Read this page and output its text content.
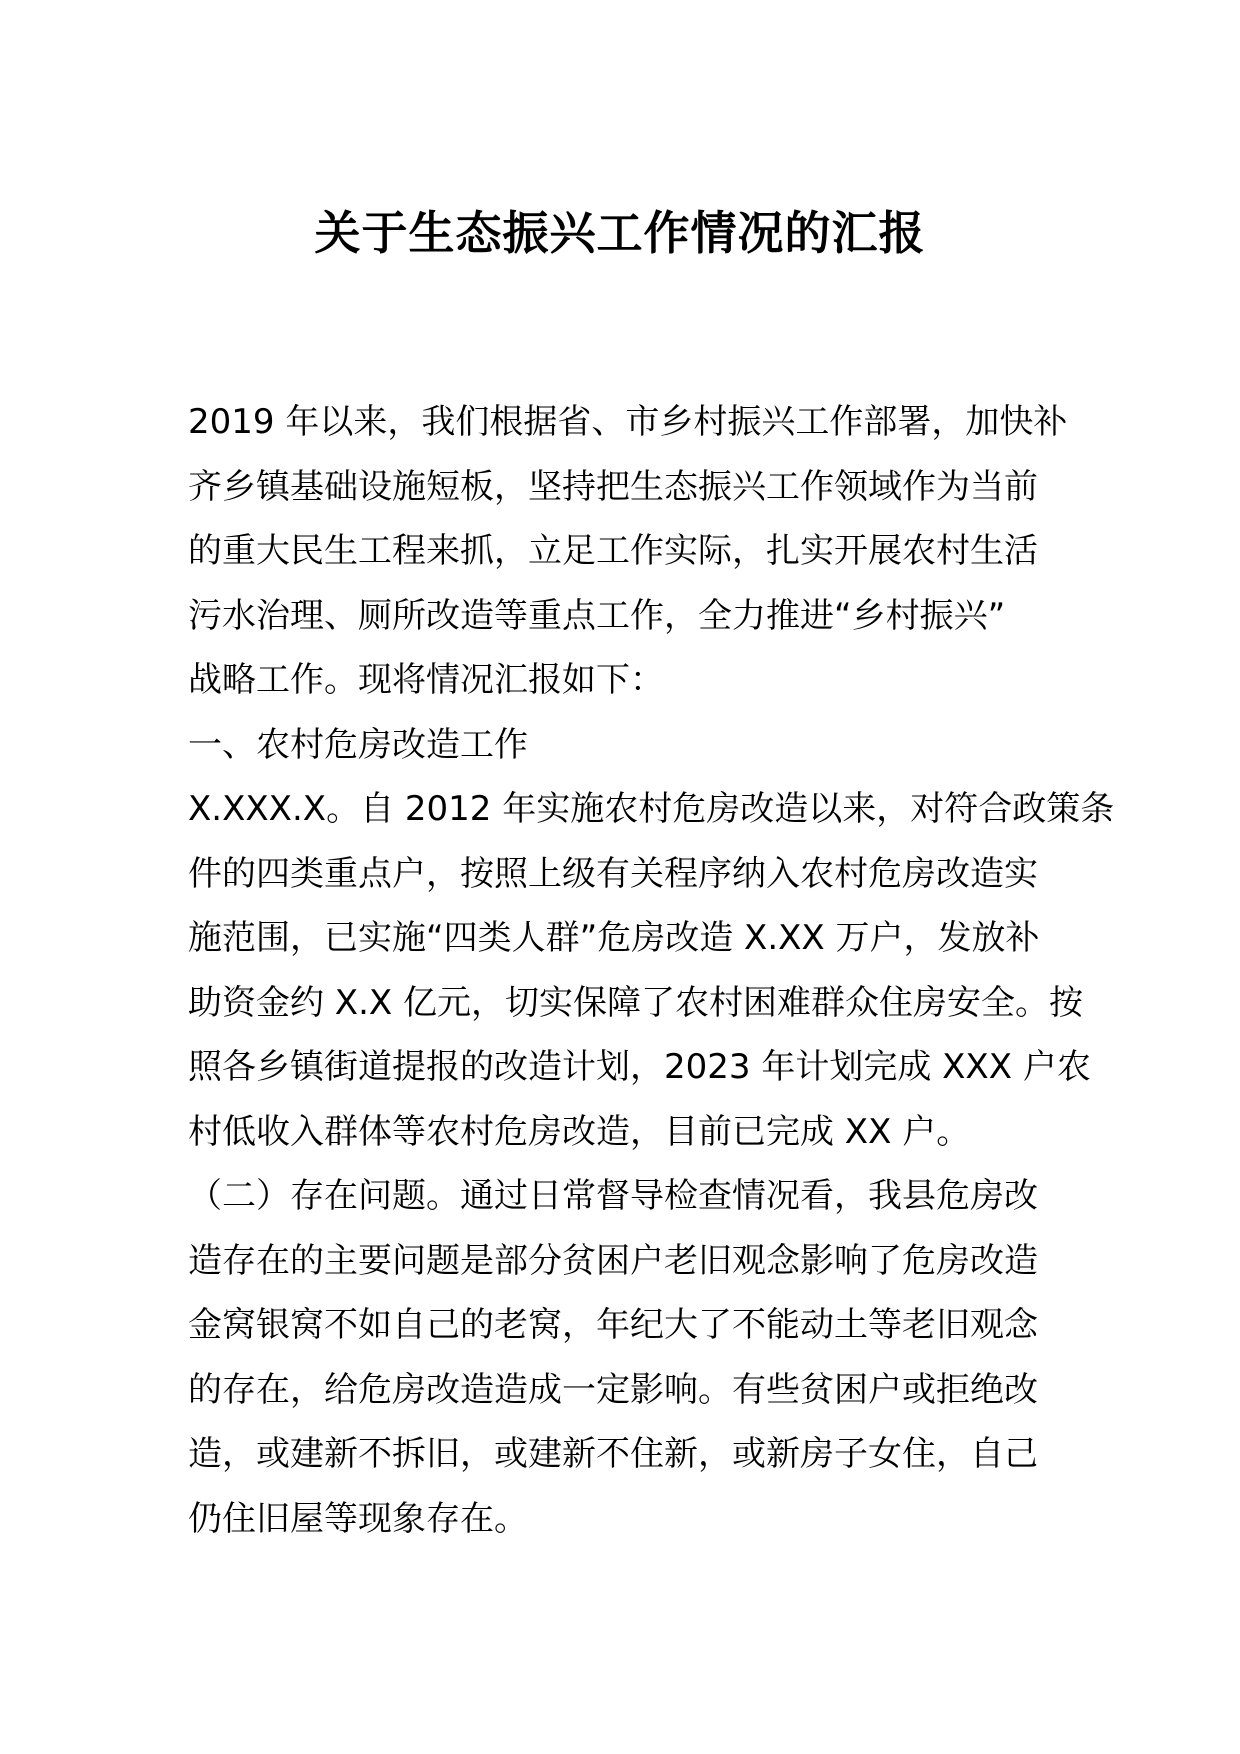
关于生态振兴工作情况的汇报
2019 年以来，我们根据省、市乡村振兴工作部署，加快补
齐乡镇基础设施短板，坚持把生态振兴工作领域作为当前
的重大民生工程来抓，立足工作实际，扎实开展农村生活
污水治理、厕所改造等重点工作，全力推进“乡村振兴”
战略工作。现将情况汇报如下：
一、农村危房改造工作
X.XXX.X。自 2012 年实施农村危房改造以来，对符合政策条
件的四类重点户，按照上级有关程序纳入农村危房改造实
施范围，已实施“四类人群”危房改造 X.XX 万户，发放补
助资金约 X.X 亿元，切实保障了农村困难群众住房安全。按
照各乡镇街道提报的改造计划，2023 年计划完成 XXX 户农
村低收入群体等农村危房改造，目前已完成 XX 户。
（二）存在问题。通过日常督导检查情况看，我县危房改
造存在的主要问题是部分贫困户老旧观念影响了危房改造
金窝银窝不如自己的老窝，年纪大了不能动土等老旧观念
的存在，给危房改造造成一定影响。有些贫困户或拒绝改
造，或建新不拆旧，或建新不住新，或新房子女住，自己
仍住旧屋等现象存在。
